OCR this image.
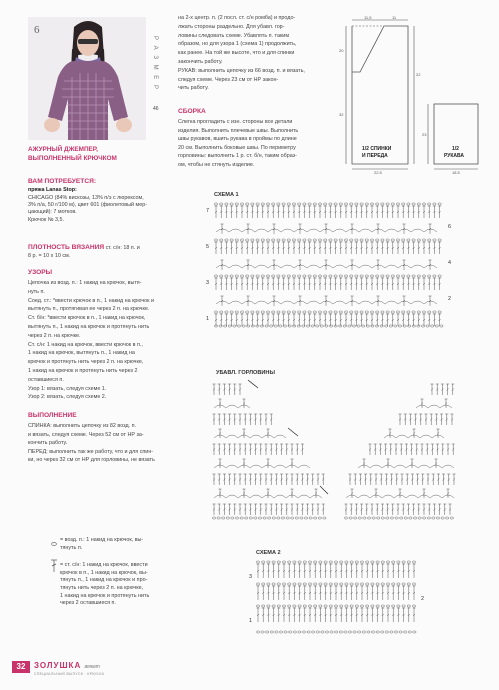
6
Р А З М Е Р
46
АЖУРНЫЙ ДЖЕМПЕР,
ВЫПОЛНЕННЫЙ КРЮЧКОМ
ВАМ ПОТРЕБУЕТСЯ:
пряжа Lanas Stop:
CHICAGO (84% вискозы, 13% п/э с люрексом,
3% п/а, 50 г/100 м), цвет 601 (фиолетовый мер-
цающий): 7 мотков.
Крючок № 3,5.
ПЛОТНОСТЬ ВЯЗАНИЯ ст. с/н: 18 п. и
8 р. = 10 х 10 см.
УЗОРЫ
Цепочка из возд. п.: 1 накид на крючок, вытя-
нуть п.
Соед. ст.: *ввести крючок в п., 1 накид на крючок и
вытянуть п., протягивая ее через 2 п. на крючке.
Ст. б/н: *ввести крючок в п., 1 накид на крючок,
вытянуть п., 1 накид на крючок и протянуть нить
через 2 п. на крючке.
Ст. с/н: 1 накид на крючок, ввести крючок в п.,
1 накид на крючок, вытянуть п., 1 накид на
крючок и протянуть нить через 2 п. на крючке,
1 накид на крючок и протянуть нить через 2
оставшиеся п.
Узор 1: вязать, следуя схеме 1.
Узор 2: вязать, следуя схеме 2.
ВЫПОЛНЕНИЕ
СПИНКА: выполнить цепочку из 82 возд. п.
и вязать, следуя схеме. Через 52 см от НР за-
кончить работу.
ПЕРЕД: выполнить так же работу, что и для спин-
ки, но через 32 см от НР для горловины, не вязать
на 2-х центр. п. (2 посл. ст. с/н ромба) и продо-
лжать стороны раздельно. Для убавл. гор-
ловины следовать схеме. Убавлять п. таким
образом, но для узора 1 (схема 1) продолжить,
как ранее. На той же высоте, что и для спинки
закончить работу.
РУКАВ: выполнить цепочку из 66 возд. п. и вязать,
следуя схеме. Через 23 см от НР закон-
чить работу.
СБОРКА
Слегка прогладить с изн. стороны все детали
изделия. Выполнить плечевые швы. Выполнить
швы рукавов, вшить рукава в проймы по длине
20 см. Выполнить боковые швы. По периметру
горловины: выполнить 1 р. ст. б/н, таким образ-
ом, чтобы не стянуть изделие.
11,5	11
20
32
22
22,5
23
18,5
1/2 СПИНКИ
И ПЕРЕДА
1/2
РУКАВА
СХЕМА 1
7
5
3
1
6
4
2
УБАВЛ. ГОРЛОВИНЫ
СХЕМА 2
3
1
2
= возд. п.: 1 накид на крючок, вы-
тянуть п.
= ст. с/н: 1 накид на крючок, ввести
крючок в п., 1 накид на крючок, вы-
тянуть п., 1 накид на крючок и про-
тянуть нить через 2 п. на крючке,
1 накид на крючок и протянуть нить
через 2 оставшиеся п.
32	ЗОЛУШКА вяжет
СПЕЦИАЛЬНЫЙ ВЫПУСК · КРЮЧОК
